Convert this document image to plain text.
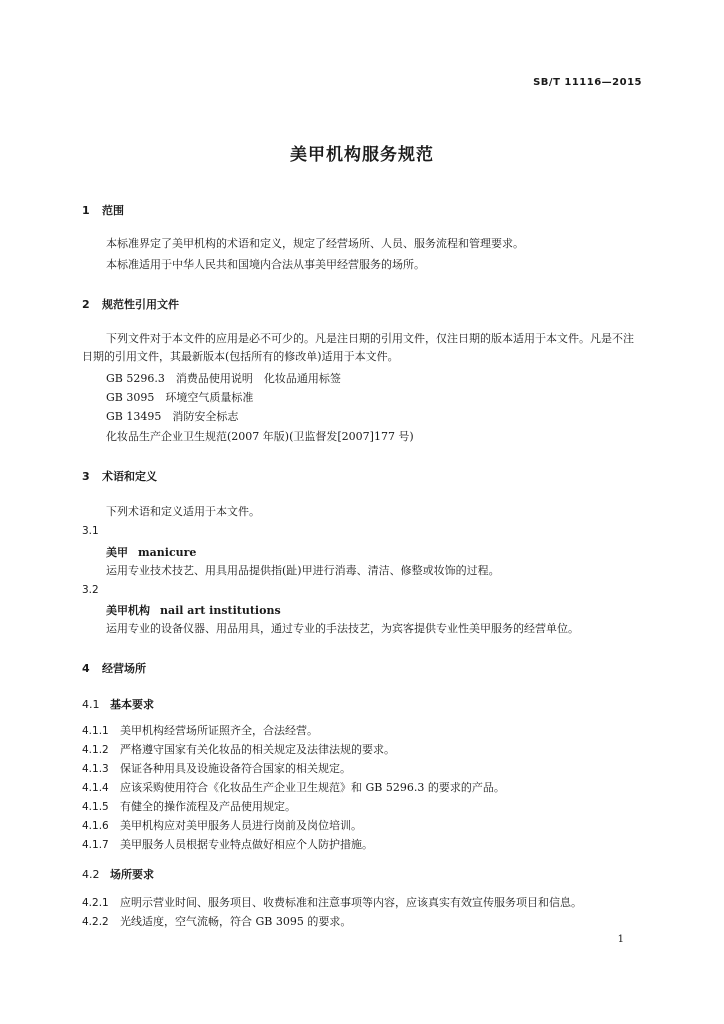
SB/T 11116—2015
美甲机构服务规范
1 范围
本标准界定了美甲机构的术语和定义，规定了经营场所、人员、服务流程和管理要求。
本标准适用于中华人民共和国境内合法从事美甲经营服务的场所。
2 规范性引用文件
下列文件对于本文件的应用是必不可少的。凡是注日期的引用文件，仅注日期的版本适用于本文件。凡是不注日期的引用文件，其最新版本(包括所有的修改单)适用于本文件。
GB 5296.3　消费品使用说明　化妆品通用标签
GB 3095　环境空气质量标准
GB 13495　消防安全标志
化妆品生产企业卫生规范(2007 年版)(卫监督发[2007]177 号)
3 术语和定义
下列术语和定义适用于本文件。
3.1
美甲 manicure
运用专业技术技艺、用具用品提供指(趾)甲进行消毒、清洁、修整或妆饰的过程。
3.2
美甲机构 nail art institutions
运用专业的设备仪器、用品用具，通过专业的手法技艺，为宾客提供专业性美甲服务的经营单位。
4 经营场所
4.1 基本要求
4.1.1 美甲机构经营场所证照齐全，合法经营。
4.1.2 严格遵守国家有关化妆品的相关规定及法律法规的要求。
4.1.3 保证各种用具及设施设备符合国家的相关规定。
4.1.4 应该采购使用符合《化妆品生产企业卫生规范》和 GB 5296.3 的要求的产品。
4.1.5 有健全的操作流程及产品使用规定。
4.1.6 美甲机构应对美甲服务人员进行岗前及岗位培训。
4.1.7 美甲服务人员根据专业特点做好相应个人防护措施。
4.2 场所要求
4.2.1 应明示营业时间、服务项目、收费标准和注意事项等内容，应该真实有效宣传服务项目和信息。
4.2.2 光线适度，空气流畅，符合 GB 3095 的要求。
1
